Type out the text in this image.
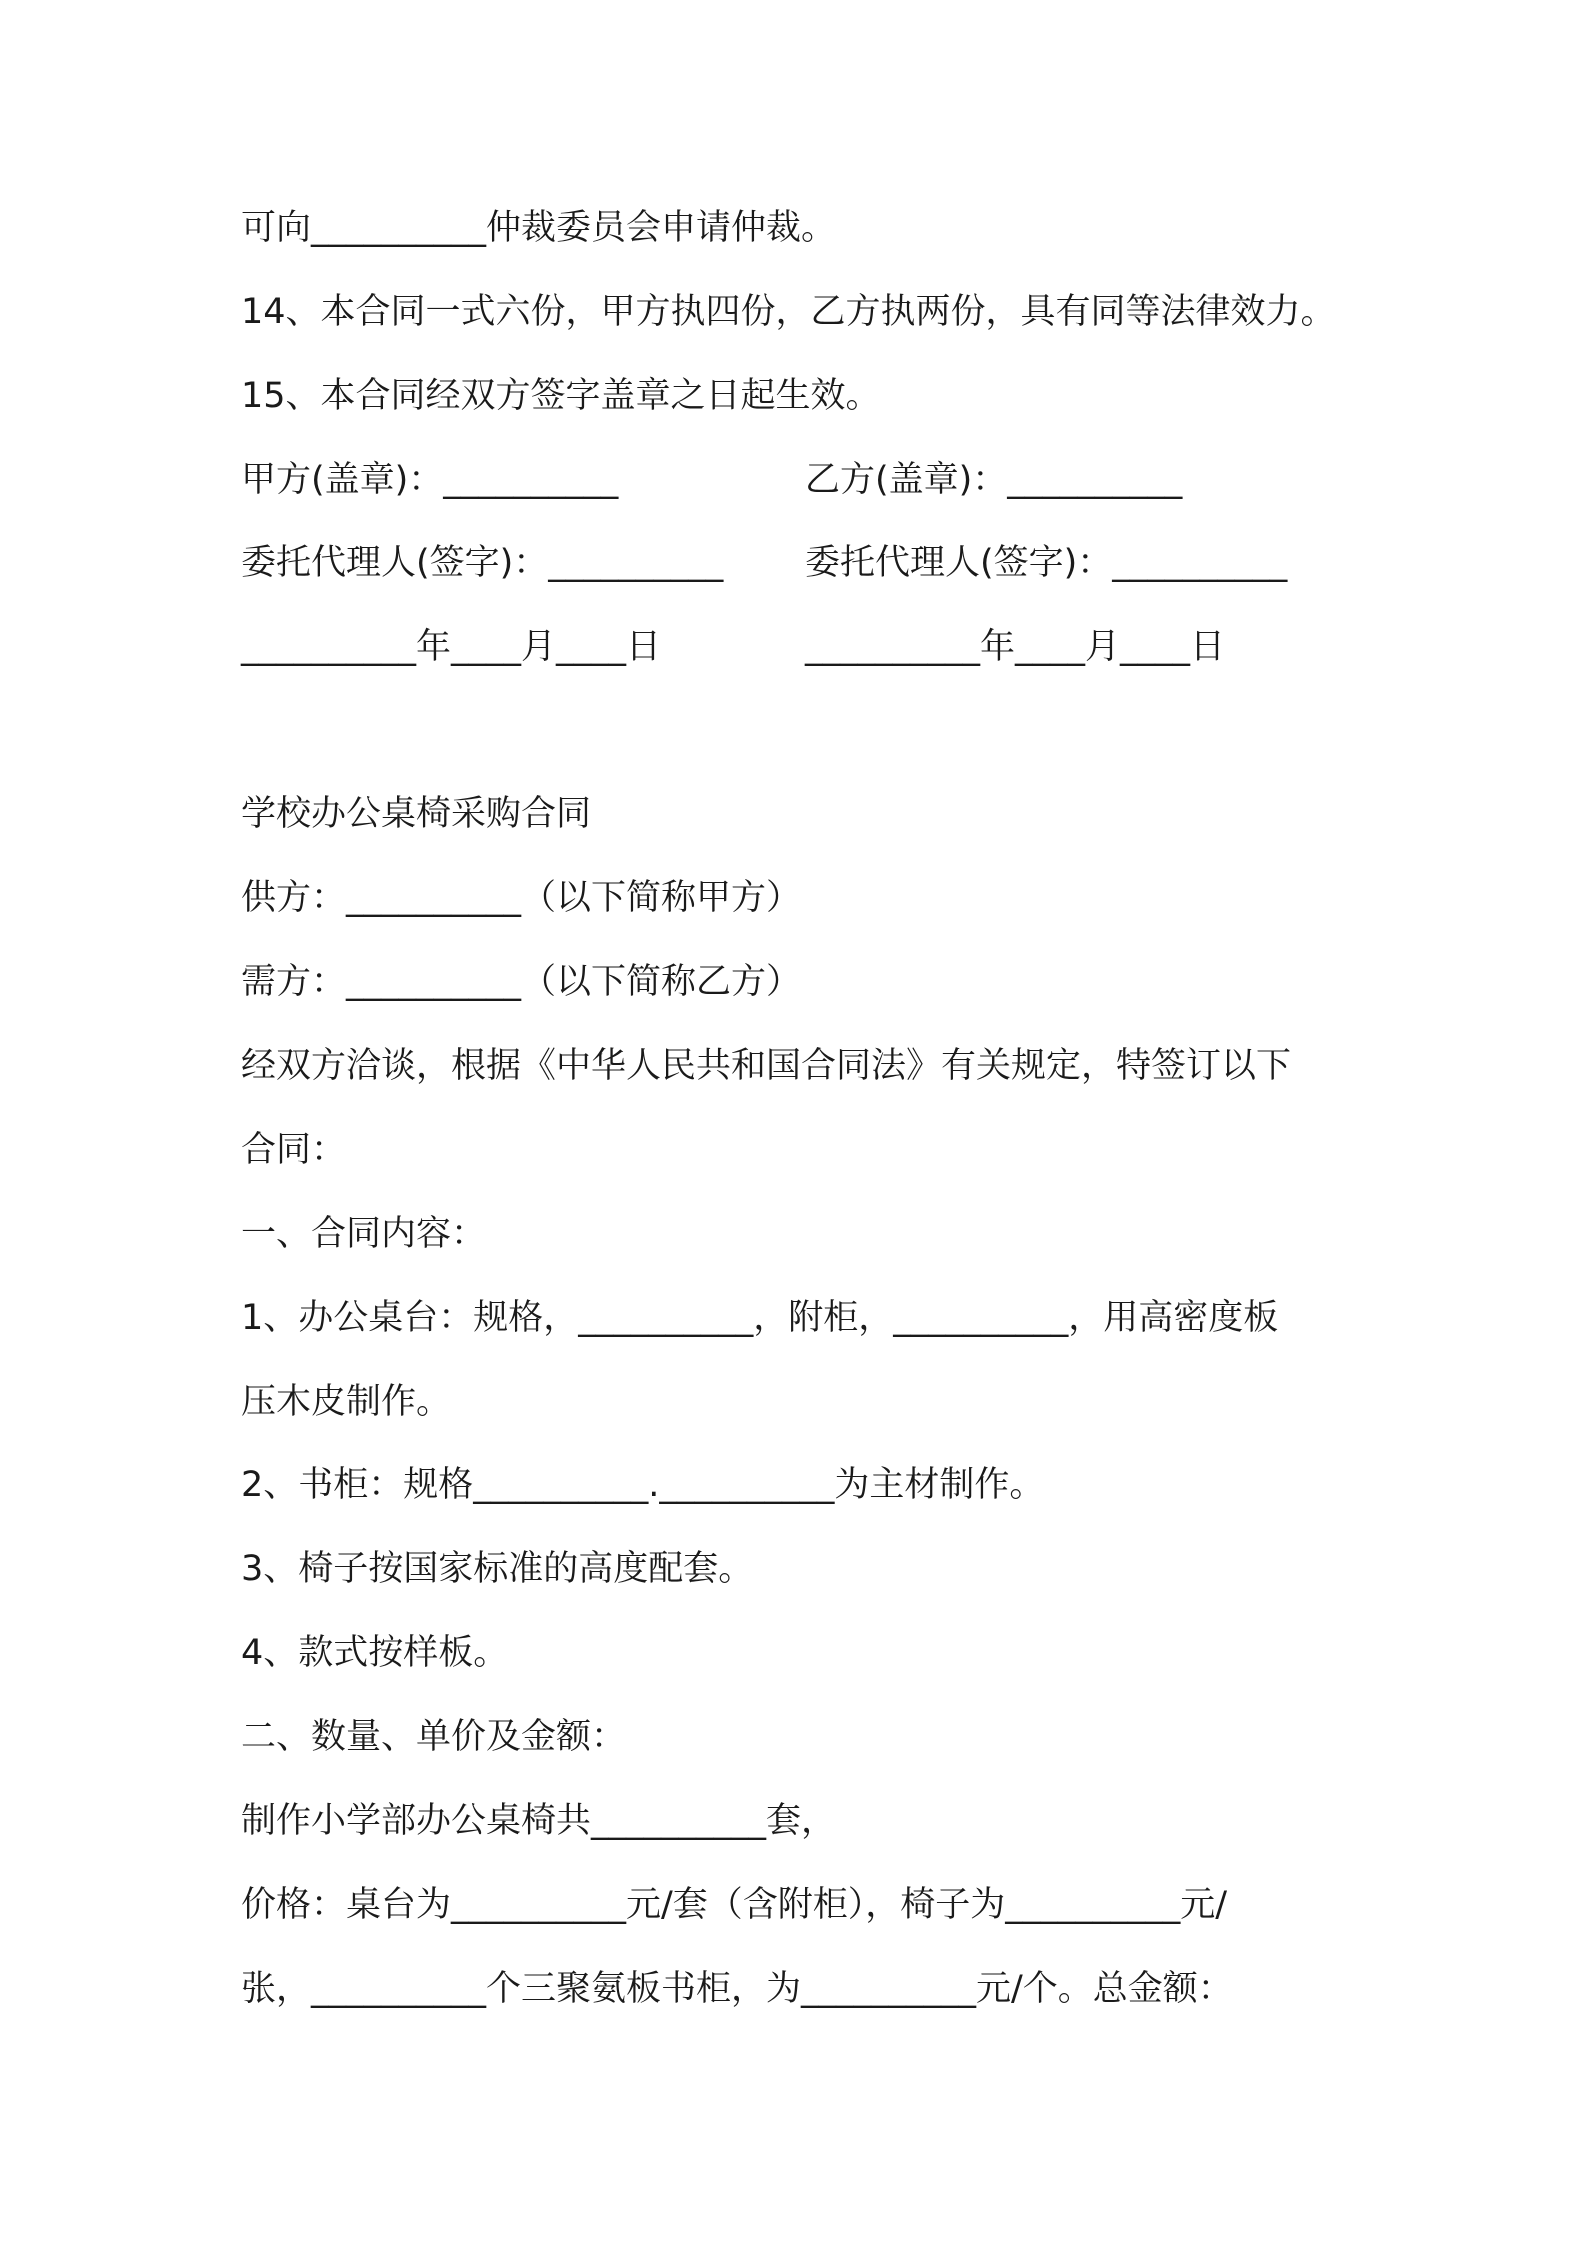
可向__________仲裁委员会申请仲裁。
14、本合同一式六份，甲方执四份，乙方执两份，具有同等法律效力。
15、本合同经双方签字盖章之日起生效。
甲方(盖章)：__________	乙方(盖章)：__________
委托代理人(签字)：__________ 委托代理人(签字)：__________
__________年____月____日	__________年____月____日
学校办公桌椅采购合同
供方：__________（以下简称甲方）
需方：__________（以下简称乙方）
经双方洽谈，根据《中华人民共和国合同法》有关规定，特签订以下
合同：
一、合同内容：
1、办公桌台：规格，__________，附柜，__________，用高密度板
压木皮制作。
2、书柜：规格__________.__________为主材制作。
3、椅子按国家标准的高度配套。
4、款式按样板。
二、数量、单价及金额：
制作小学部办公桌椅共__________套，
价格：桌台为__________元/套（含附柜），椅子为__________元/
张，__________个三聚氨板书柜，为__________元/个。总金额：
